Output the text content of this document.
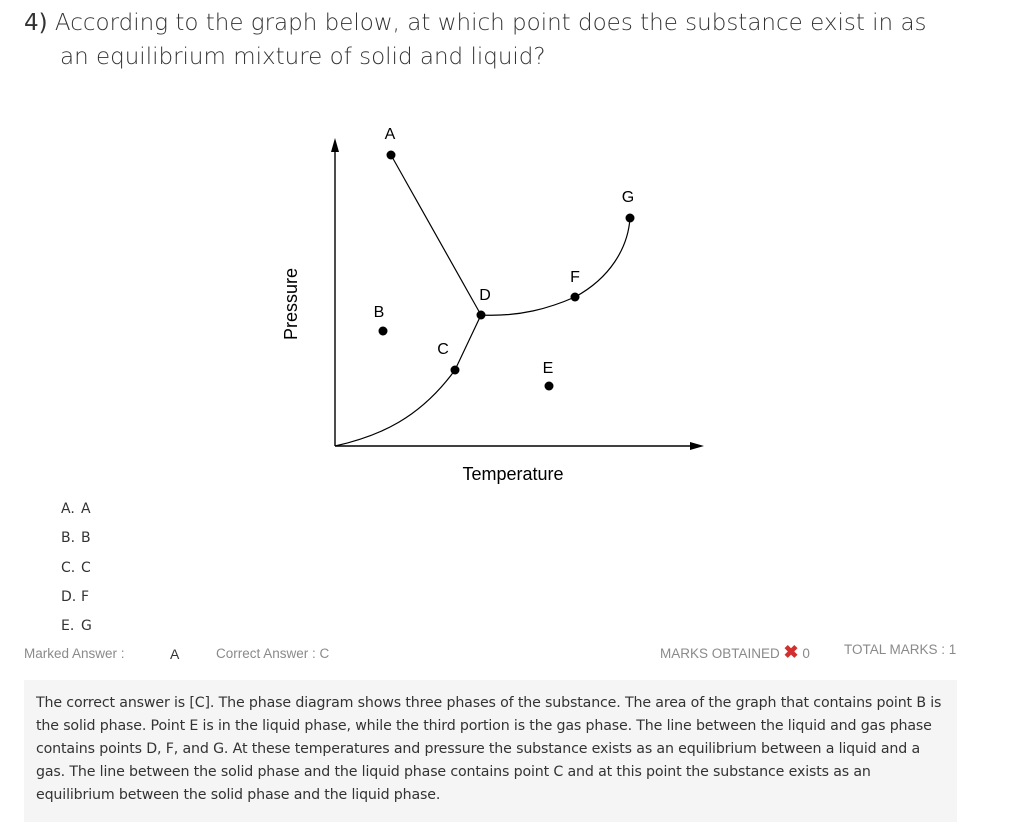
4) According to the graph below, at which point does the substance exist in as
an equilibrium mixture of solid and liquid?
A
B
C
D
E
F
G
Temperature
Pressure
A. A
B. B
C. C
D. F
E. G
Marked Answer :	A	Correct Answer : C	MARKS OBTAINED ✖ 0	TOTAL MARKS : 1

The correct answer is [C]. The phase diagram shows three phases of the substance. The area of the graph that contains point B is the solid phase. Point E is in the liquid phase, while the third portion is the gas phase. The line between the liquid and gas phase contains points D, F, and G. At these temperatures and pressure the substance exists as an equilibrium between a liquid and a gas. The line between the solid phase and the liquid phase contains point C and at this point the substance exists as an equilibrium between the solid phase and the liquid phase.
